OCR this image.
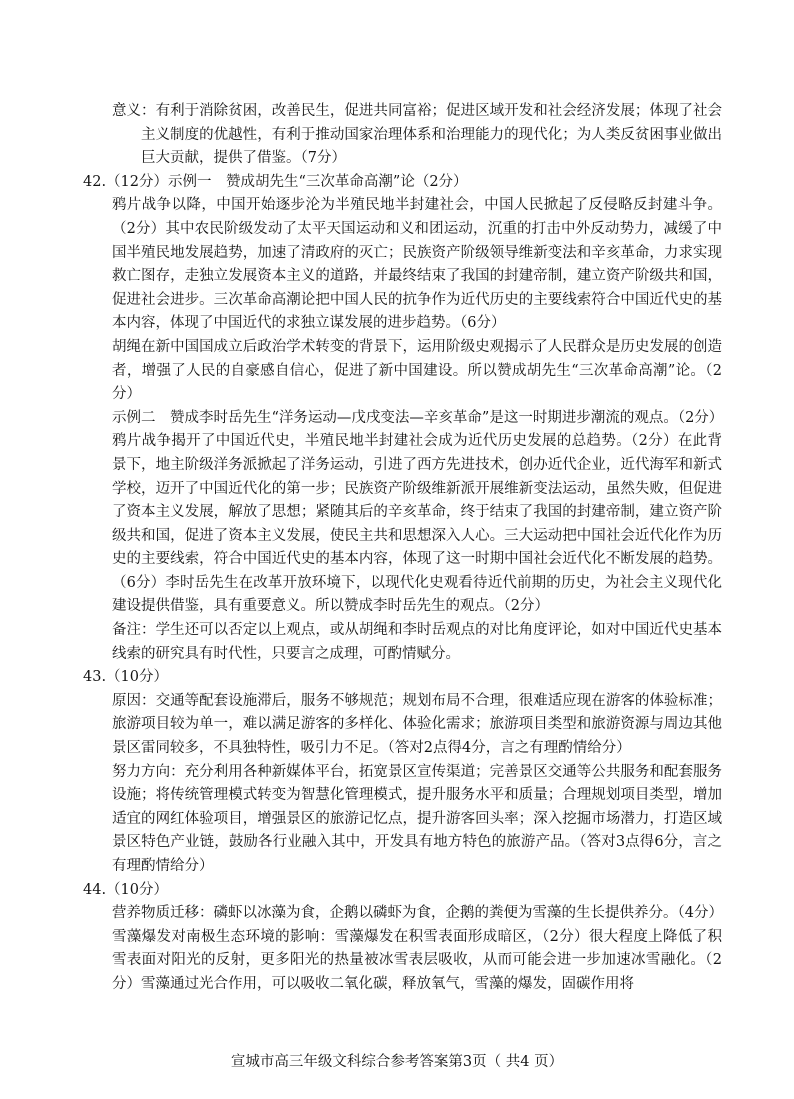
意义：有利于消除贫困，改善民生，促进共同富裕；促进区域开发和社会经济发展；体现了社会主义制度的优越性，有利于推动国家治理体系和治理能力的现代化；为人类反贫困事业做出巨大贡献，提供了借鉴。（7分）

42.（12分）示例一　赞成胡先生“三次革命高潮”论（2分）

鸦片战争以降，中国开始逐步沦为半殖民地半封建社会，中国人民掀起了反侵略反封建斗争。（2分）其中农民阶级发动了太平天国运动和义和团运动，沉重的打击中外反动势力，减缓了中国半殖民地发展趋势，加速了清政府的灭亡；民族资产阶级领导维新变法和辛亥革命，力求实现救亡图存，走独立发展资本主义的道路，并最终结束了我国的封建帝制，建立资产阶级共和国，促进社会进步。三次革命高潮论把中国人民的抗争作为近代历史的主要线索符合中国近代史的基本内容，体现了中国近代的求独立谋发展的进步趋势。（6分）

胡绳在新中国国成立后政治学术转变的背景下，运用阶级史观揭示了人民群众是历史发展的创造者，增强了人民的自豪感自信心，促进了新中国建设。所以赞成胡先生“三次革命高潮”论。（2分）

示例二　赞成李时岳先生“洋务运动—戊戌变法—辛亥革命”是这一时期进步潮流的观点。（2分）

鸦片战争揭开了中国近代史，半殖民地半封建社会成为近代历史发展的总趋势。（2分）在此背景下，地主阶级洋务派掀起了洋务运动，引进了西方先进技术，创办近代企业，近代海军和新式学校，迈开了中国近代化的第一步；民族资产阶级维新派开展维新变法运动，虽然失败，但促进了资本主义发展，解放了思想；紧随其后的辛亥革命，终于结束了我国的封建帝制，建立资产阶级共和国，促进了资本主义发展，使民主共和思想深入人心。三大运动把中国社会近代化作为历史的主要线索，符合中国近代史的基本内容，体现了这一时期中国社会近代化不断发展的趋势。（6分）李时岳先生在改革开放环境下，以现代化史观看待近代前期的历史，为社会主义现代化建设提供借鉴，具有重要意义。所以赞成李时岳先生的观点。（2分）

备注：学生还可以否定以上观点，或从胡绳和李时岳观点的对比角度评论，如对中国近代史基本线索的研究具有时代性，只要言之成理，可酌情赋分。

43.（10分）

原因：交通等配套设施滞后，服务不够规范；规划布局不合理，很难适应现在游客的体验标准；旅游项目较为单一，难以满足游客的多样化、体验化需求；旅游项目类型和旅游资源与周边其他景区雷同较多，不具独特性，吸引力不足。（答对2点得4分，言之有理酌情给分）

努力方向：充分利用各种新媒体平台，拓宽景区宣传渠道；完善景区交通等公共服务和配套服务设施；将传统管理模式转变为智慧化管理模式，提升服务水平和质量；合理规划项目类型，增加适宜的网红体验项目，增强景区的旅游记忆点，提升游客回头率；深入挖掘市场潜力，打造区域景区特色产业链，鼓励各行业融入其中，开发具有地方特色的旅游产品。（答对3点得6分，言之有理酌情给分）

44.（10分）

营养物质迁移：磷虾以冰藻为食，企鹅以磷虾为食，企鹅的粪便为雪藻的生长提供养分。（4分）

雪藻爆发对南极生态环境的影响：雪藻爆发在积雪表面形成暗区，（2分）很大程度上降低了积雪表面对阳光的反射，更多阳光的热量被冰雪表层吸收，从而可能会进一步加速冰雪融化。（2分）雪藻通过光合作用，可以吸收二氧化碳，释放氧气，雪藻的爆发，固碳作用将

宣城市高三年级文科综合参考答案第3页（ 共4 页）
